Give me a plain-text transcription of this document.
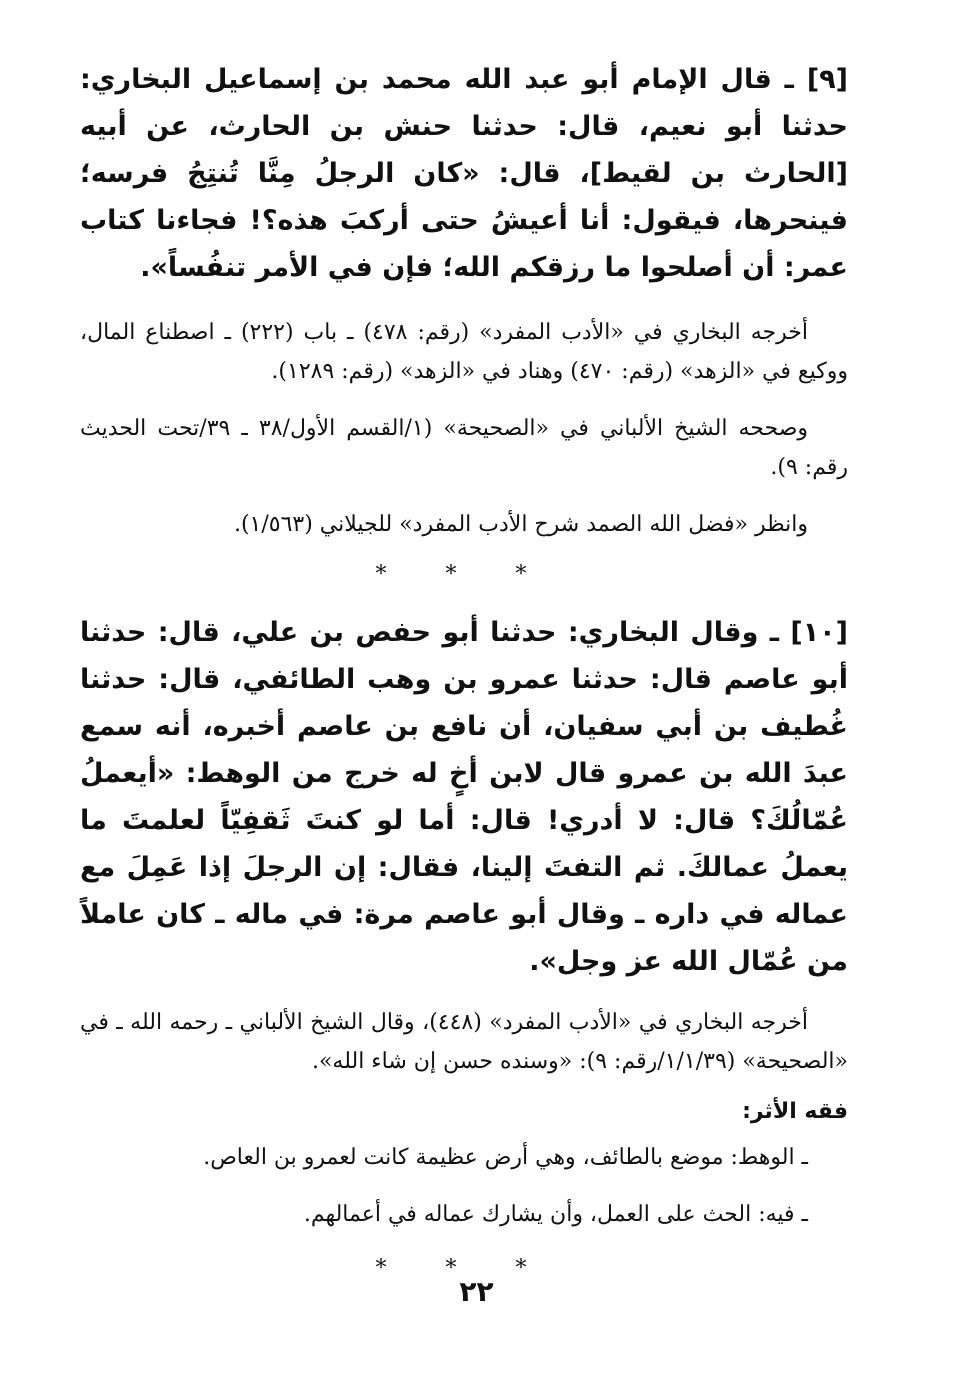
[٩] ـ قال الإمام أبو عبد الله محمد بن إسماعيل البخاري: حدثنا أبو نعيم، قال: حدثنا حنش بن الحارث، عن أبيه [الحارث بن لقيط]، قال: «كان الرجلُ مِنَّا تُنتِجُ فرسه؛ فينحرها، فيقول: أنا أعيشُ حتى أركبَ هذه؟! فجاءنا كتاب عمر: أن أصلحوا ما رزقكم الله؛ فإن في الأمر تنفُساً».

أخرجه البخاري في «الأدب المفرد» (رقم: ٤٧٨) ـ باب (٢٢٢) ـ اصطناع المال، ووكيع في «الزهد» (رقم: ٤٧٠) وهناد في «الزهد» (رقم: ١٢٨٩).

وصححه الشيخ الألباني في «الصحيحة» (١/القسم الأول/٣٨ ـ ٣٩/تحت الحديث رقم: ٩).

وانظر «فضل الله الصمد شرح الأدب المفرد» للجيلاني (١/٥٦٣).

* * *

[١٠] ـ وقال البخاري: حدثنا أبو حفص بن علي، قال: حدثنا أبو عاصم قال: حدثنا عمرو بن وهب الطائفي، قال: حدثنا غُطيف بن أبي سفيان، أن نافع بن عاصم أخبره، أنه سمع عبدَ الله بن عمرو قال لابن أخٍ له خرج من الوهط: «أيعملُ عُمّالُكَ؟ قال: لا أدري! قال: أما لو كنتَ ثَقفِيّاً لعلمتَ ما يعملُ عمالكَ. ثم التفتَ إلينا، فقال: إن الرجلَ إذا عَمِلَ مع عماله في داره ـ وقال أبو عاصم مرة: في ماله ـ كان عاملاً من عُمّال الله عز وجل».

أخرجه البخاري في «الأدب المفرد» (٤٤٨)، وقال الشيخ الألباني ـ رحمه الله ـ في «الصحيحة» (١/١/٣٩/رقم: ٩): «وسنده حسن إن شاء الله».

فقه الأثر:

ـ الوهط: موضع بالطائف، وهي أرض عظيمة كانت لعمرو بن العاص.

ـ فيه: الحث على العمل، وأن يشارك عماله في أعمالهم.

* * *

٢٢
